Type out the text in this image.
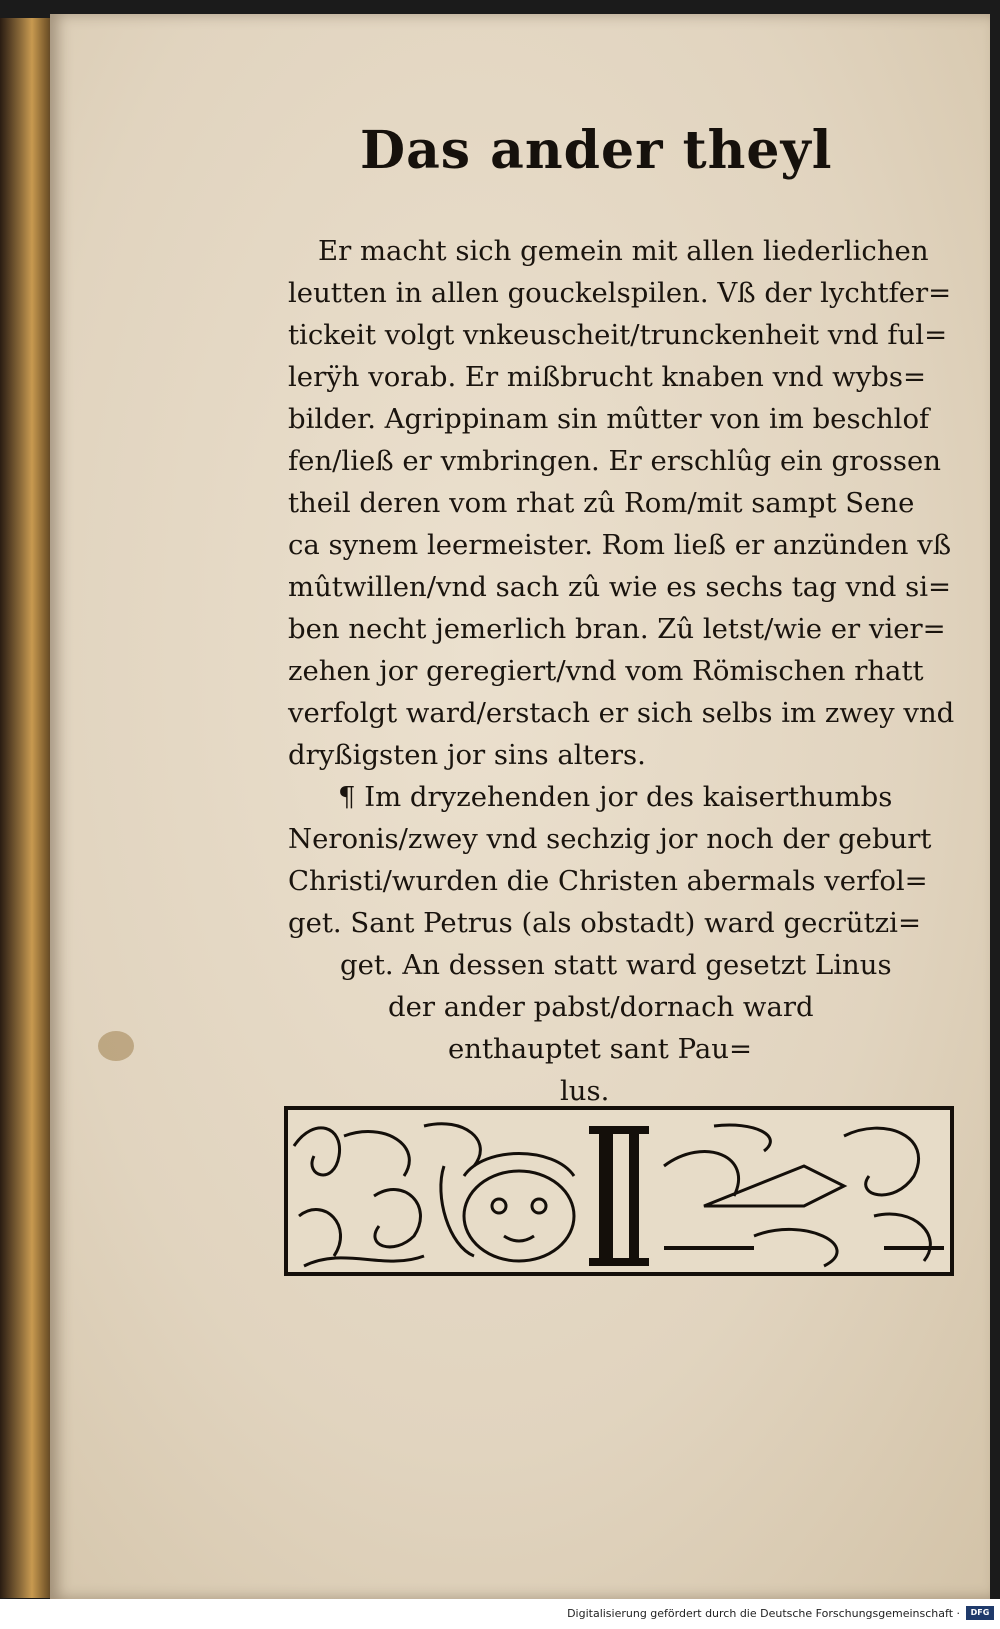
Das ander theyl
Er macht sich gemein mit allen liederlichen
leutten in allen gouckelspilen. Vß der lychtfer=
tickeit volgt vnkeuscheit/trunckenheit vnd ful=
lerÿh vorab. Er mißbrucht knaben vnd wybs=
bilder. Agrippinam sin mûtter von im beschlof
fen/ließ er vmbringen. Er erschlûg ein grossen
theil deren vom rhat zû Rom/mit sampt Sene
ca synem leermeister. Rom ließ er anzünden vß
mûtwillen/vnd sach zû wie es sechs tag vnd si=
ben necht jemerlich bran. Zû letst/wie er vier=
zehen jor geregiert/vnd vom Römischen rhatt
verfolgt ward/erstach er sich selbs im zwey vnd
dryßigsten jor sins alters.
¶ Im dryzehenden jor des kaiserthumbs
Neronis/zwey vnd sechzig jor noch der geburt
Christi/wurden die Christen abermals verfol=
get. Sant Petrus (als obstadt) ward gecrützi=
get. An dessen statt ward gesetzt Linus
der ander pabst/dornach ward
enthauptet sant Pau=
lus.

Digitalisierung gefördert durch die Deutsche Forschungsgemeinschaft ·	DFG
